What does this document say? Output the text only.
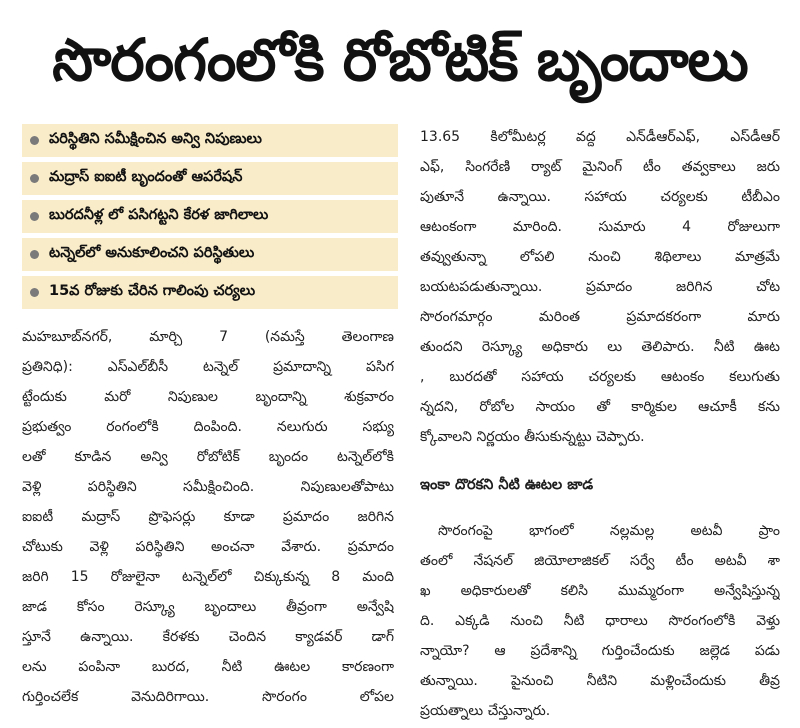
సొరంగంలోకి రోబోటిక్ బృందాలు
పరిస్థితిని సమీక్షించిన అన్వి నిపుణులు
మద్రాస్ ఐఐటీ బృందంతో ఆపరేషన్
బురదనీళ్ల లో పసిగట్టని కేరళ జాగిలాలు
టన్నెల్‌లో అనుకూలించని పరిస్థితులు
15వ రోజుకు చేరిన గాలింపు చర్యలు
మహబూబ్‌నగర్, మార్చి 7 (నమస్తే తెలంగాణ
ప్రతినిధి): ఎస్‌ఎల్‌బీసీ టన్నెల్ ప్రమాదాన్ని పసిగ
ట్టేందుకు మరో నిపుణుల బృందాన్ని శుక్రవారం
ప్రభుత్వం రంగంలోకి దింపింది. నలుగురు సభ్యు
లతో కూడిన అన్వి రోబోటిక్ బృందం టన్నెల్‌లోకి
వెళ్లి పరిస్థితిని సమీక్షించింది. నిపుణులతోపాటు
ఐఐటీ మద్రాస్ ప్రొఫెసర్లు కూడా ప్రమాదం జరిగిన
చోటుకు వెళ్లి పరిస్థితిని అంచనా వేశారు. ప్రమాదం
జరిగి 15 రోజులైనా టన్నెల్‌లో చిక్కుకున్న 8 మంది
జాడ కోసం రెస్క్యూ బృందాలు తీవ్రంగా అన్వేషి
స్తూనే ఉన్నాయి. కేరళకు చెందిన క్యాడవర్ డాగ్
లను పంపినా బురద, నీటి ఊటల కారణంగా
గుర్తించలేక వెనుదిరిగాయి. సొరంగం లోపల
13.65 కిలోమీటర్ల వద్ద ఎన్‌డీఆర్‌ఎఫ్, ఎస్‌డీఆర్
ఎఫ్, సింగరేణి ర్యాట్ మైనింగ్ టీం తవ్వకాలు జరు
పుతూనే ఉన్నాయి. సహాయ చర్యలకు టీబీఎం
ఆటంకంగా మారింది. సుమారు 4 రోజులుగా
తవ్వుతున్నా లోపలి నుంచి శిథిలాలు మాత్రమే
బయటపడుతున్నాయి. ప్రమాదం జరిగిన చోట
సొరంగమార్గం మరింత ప్రమాదకరంగా మారు
తుందని రెస్క్యూ అధికారు లు తెలిపారు. నీటి ఊట
, బురదతో సహాయ చర్యలకు ఆటంకం కలుగుతు
న్నదని, రోబోల సాయం తో కార్మికుల ఆచూకీ కను
క్కోవాలని నిర్ణయం తీసుకున్నట్టు చెప్పారు.
ఇంకా దొరకని నీటి ఊటల జాడ
సొరంగంపై భాగంలో నల్లమల్ల అటవీ ప్రాం
తంలో నేషనల్ జియోలాజికల్ సర్వే టీం అటవీ శా
ఖ అధికారులతో కలిసి ముమ్మరంగా అన్వేషిస్తున్న
ది. ఎక్కడి నుంచి నీటి ధారాలు సొరంగంలోకి వెళ్తు
న్నాయో? ఆ ప్రదేశాన్ని గుర్తించేందుకు జల్లెడ పడు
తున్నాయి. పైనుంచి నీటిని మళ్లించేందుకు తీవ్ర
ప్రయత్నాలు చేస్తున్నారు.
